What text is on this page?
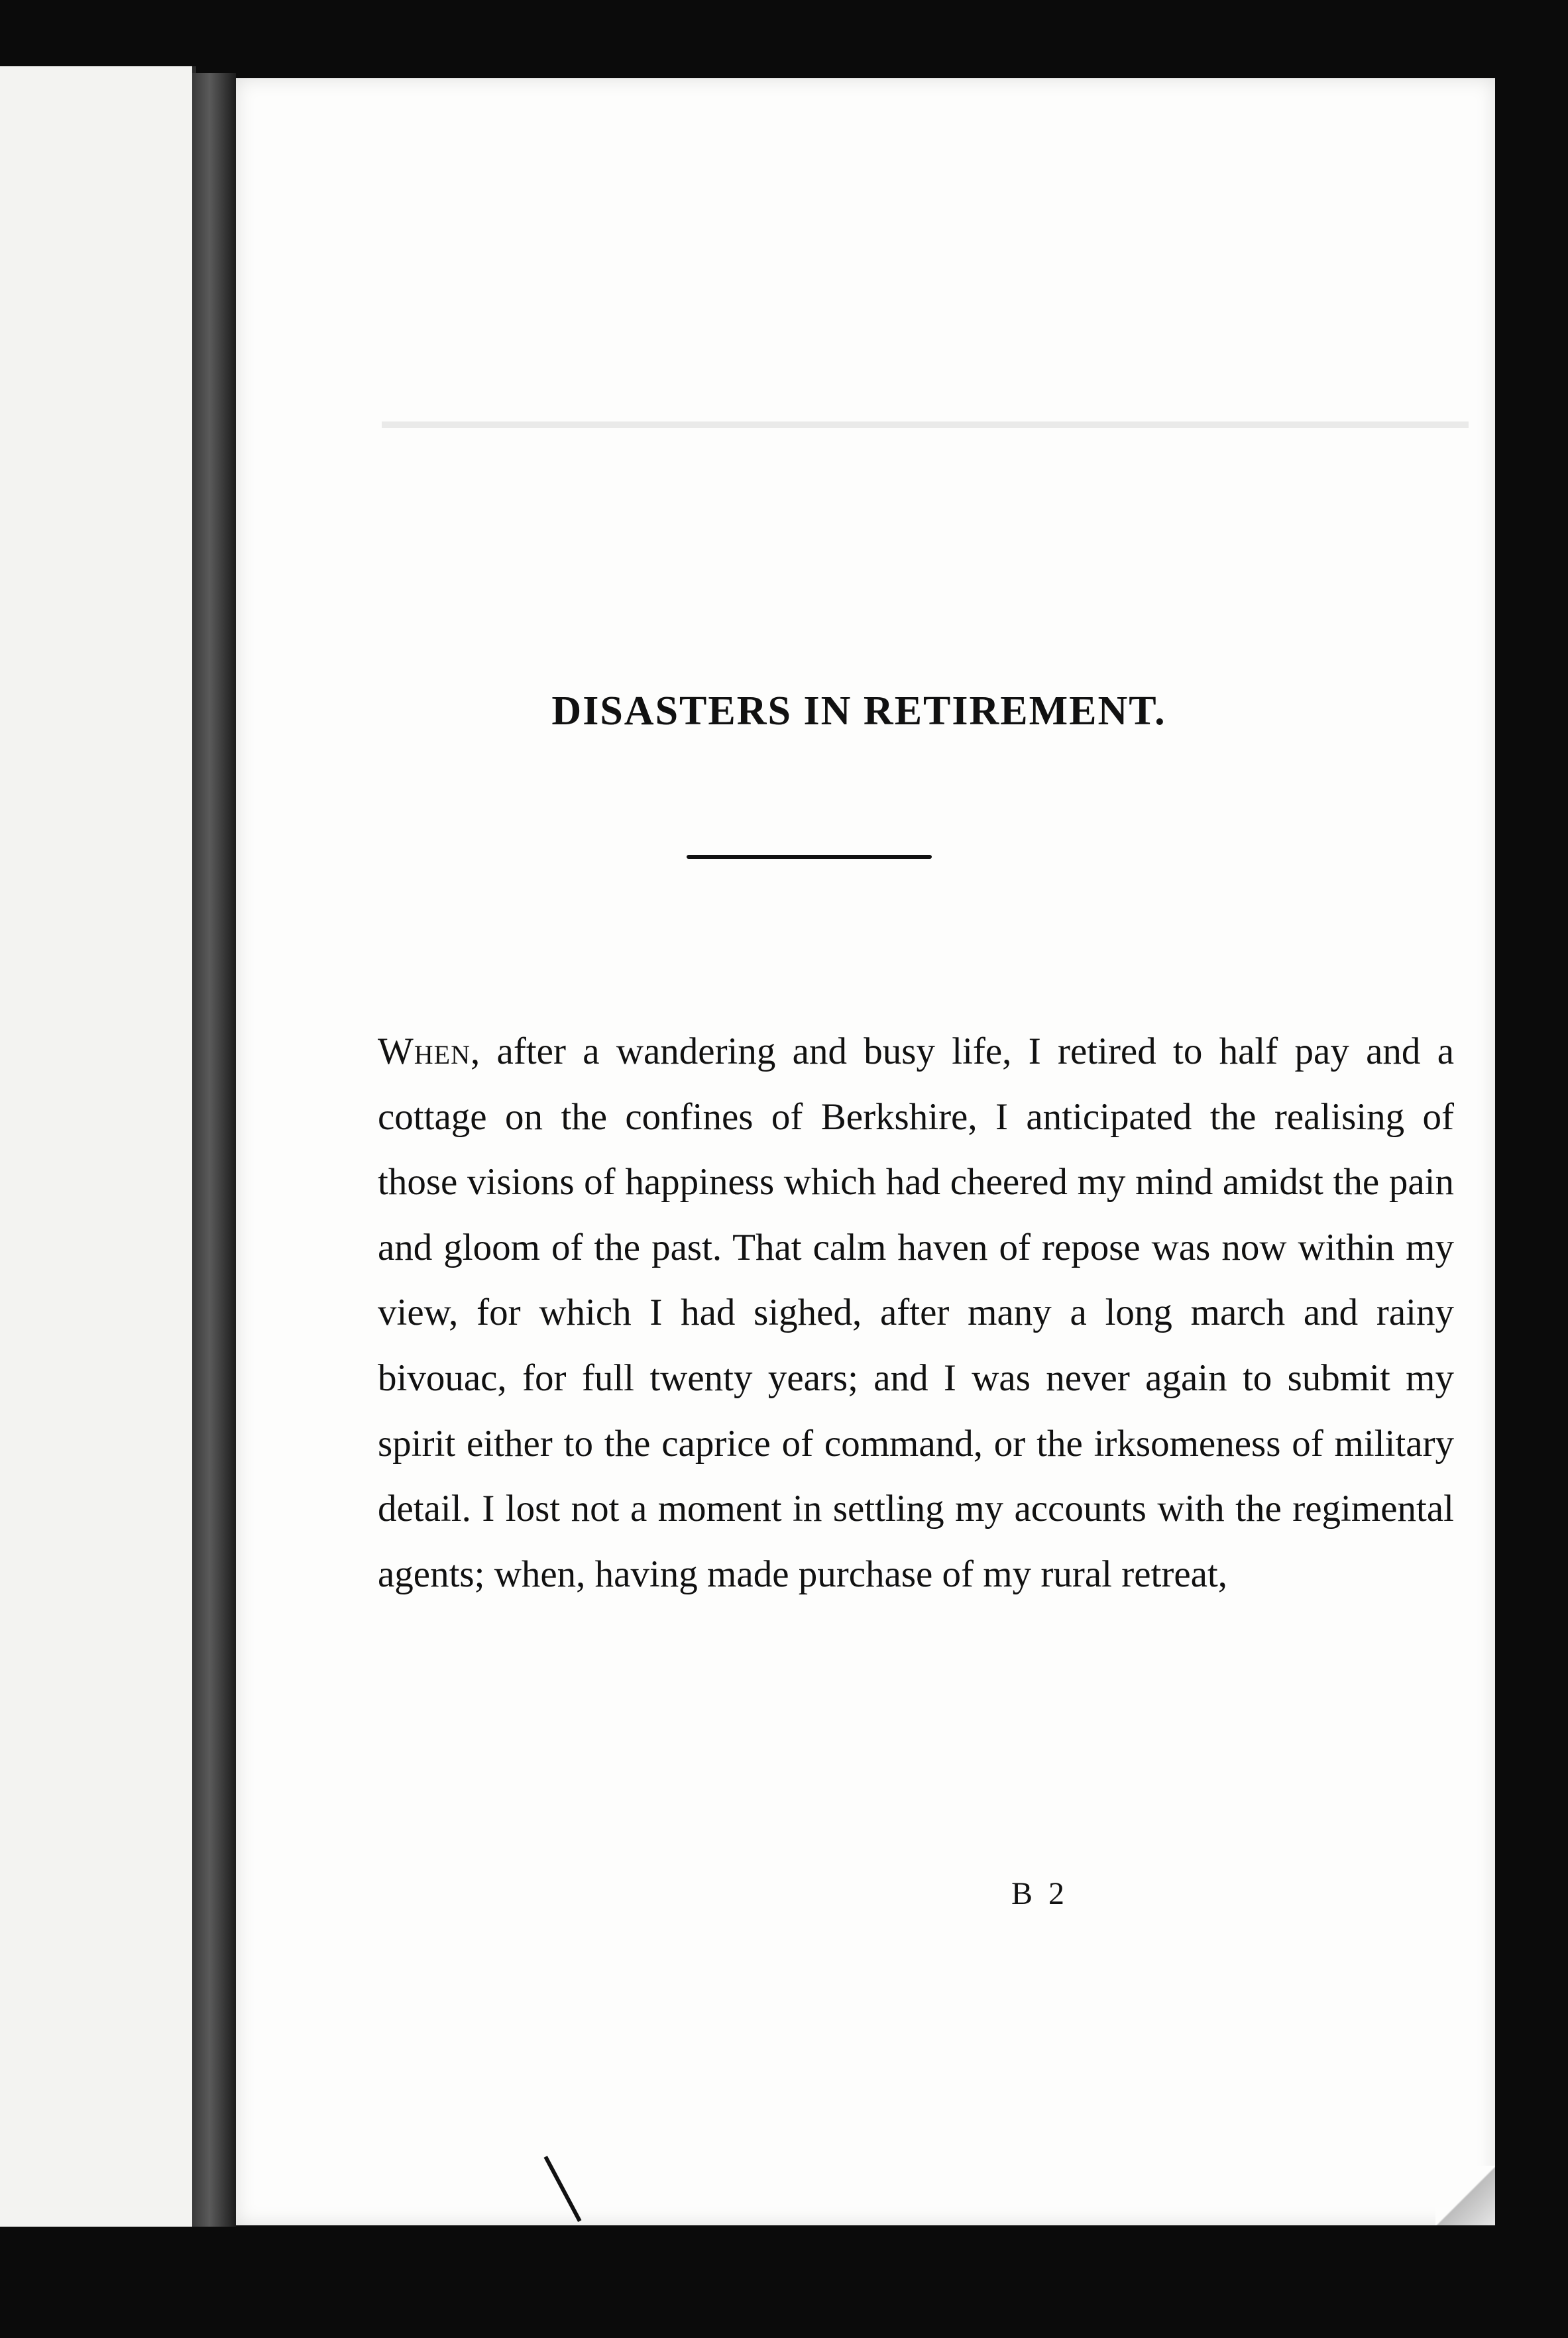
DISASTERS IN RETIREMENT.

When, after a wandering and busy life, I retired to half pay and a cottage on the confines of Berkshire, I anticipated the realising of those visions of happiness which had cheered my mind amidst the pain and gloom of the past. That calm haven of repose was now within my view, for which I had sighed, after many a long march and rainy bivouac, for full twenty years; and I was never again to submit my spirit either to the caprice of command, or the irksomeness of military detail. I lost not a moment in settling my accounts with the regimental agents; when, having made purchase of my rural retreat,

B 2
